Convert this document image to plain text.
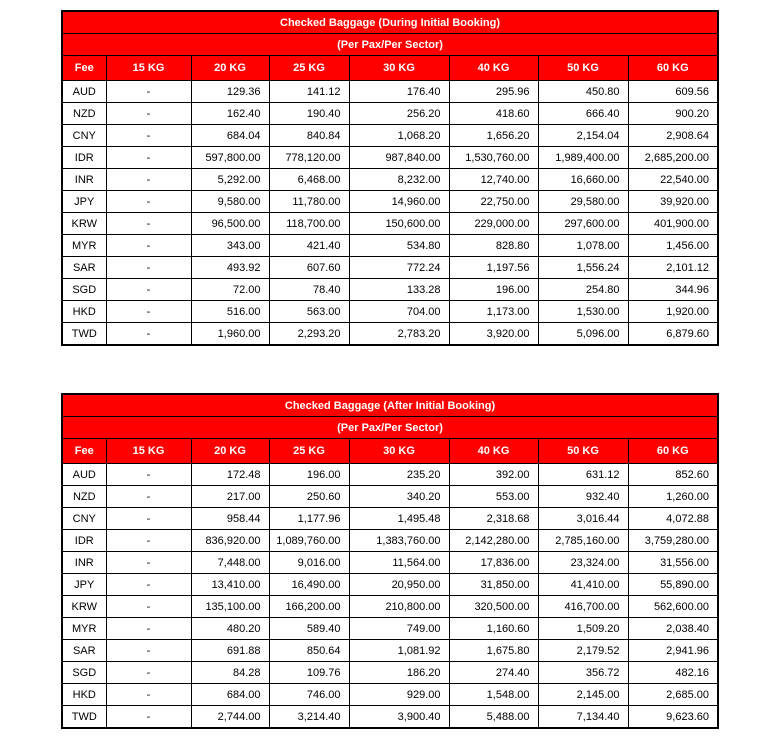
Checked Baggage (During Initial Booking)							
(Per Pax/Per Sector)							
Fee	15 KG	20 KG	25 KG	30 KG	40 KG	50 KG	60 KG
AUD	-	129.36	141.12	176.40	295.96	450.80	609.56
NZD	-	162.40	190.40	256.20	418.60	666.40	900.20
CNY	-	684.04	840.84	1,068.20	1,656.20	2,154.04	2,908.64
IDR	-	597,800.00	778,120.00	987,840.00	1,530,760.00	1,989,400.00	2,685,200.00
INR	-	5,292.00	6,468.00	8,232.00	12,740.00	16,660.00	22,540.00
JPY	-	9,580.00	11,780.00	14,960.00	22,750.00	29,580.00	39,920.00
KRW	-	96,500.00	118,700.00	150,600.00	229,000.00	297,600.00	401,900.00
MYR	-	343.00	421.40	534.80	828.80	1,078.00	1,456.00
SAR	-	493.92	607.60	772.24	1,197.56	1,556.24	2,101.12
SGD	-	72.00	78.40	133.28	196.00	254.80	344.96
HKD	-	516.00	563.00	704.00	1,173.00	1,530.00	1,920.00
TWD	-	1,960.00	2,293.20	2,783.20	3,920.00	5,096.00	6,879.60
Checked Baggage (After Initial Booking)							
(Per Pax/Per Sector)							
Fee	15 KG	20 KG	25 KG	30 KG	40 KG	50 KG	60 KG
AUD	-	172.48	196.00	235.20	392.00	631.12	852.60
NZD	-	217.00	250.60	340.20	553.00	932.40	1,260.00
CNY	-	958.44	1,177.96	1,495.48	2,318.68	3,016.44	4,072.88
IDR	-	836,920.00	1,089,760.00	1,383,760.00	2,142,280.00	2,785,160.00	3,759,280.00
INR	-	7,448.00	9,016.00	11,564.00	17,836.00	23,324.00	31,556.00
JPY	-	13,410.00	16,490.00	20,950.00	31,850.00	41,410.00	55,890.00
KRW	-	135,100.00	166,200.00	210,800.00	320,500.00	416,700.00	562,600.00
MYR	-	480.20	589.40	749.00	1,160.60	1,509.20	2,038.40
SAR	-	691.88	850.64	1,081.92	1,675.80	2,179.52	2,941.96
SGD	-	84.28	109.76	186.20	274.40	356.72	482.16
HKD	-	684.00	746.00	929.00	1,548.00	2,145.00	2,685.00
TWD	-	2,744.00	3,214.40	3,900.40	5,488.00	7,134.40	9,623.60
